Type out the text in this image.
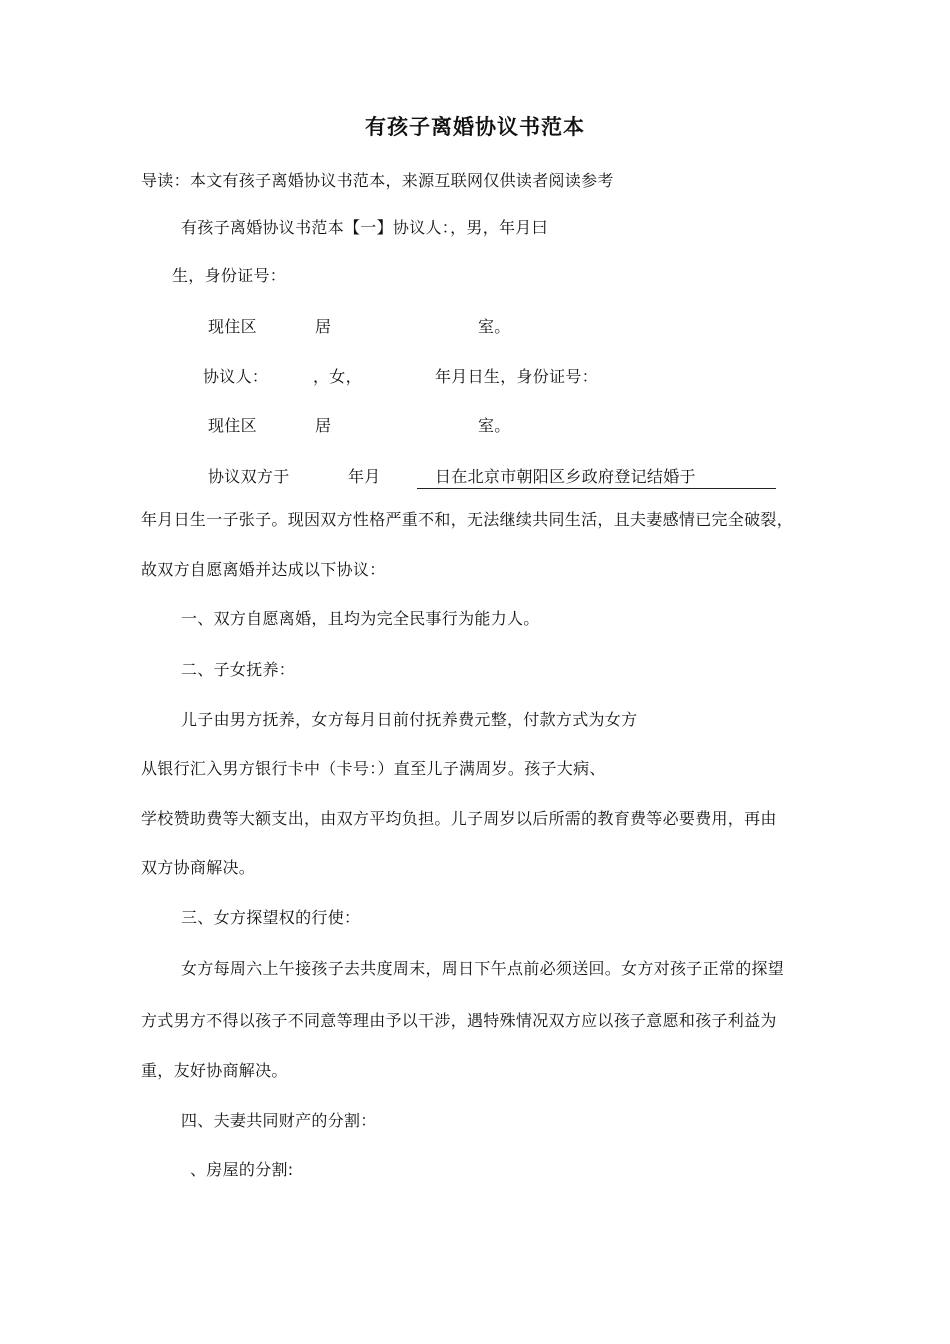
有孩子离婚协议书范本
导读：本文有孩子离婚协议书范本，来源互联网仅供读者阅读参考
有孩子离婚协议书范本【一】协议人：，男，年月曰
生，身份证号：
现住区	居	室。
协议人：	，女，	年月日生，身份证号：
现住区	居	室。
协议双方于	年月	日在北京市朝阳区乡政府登记结婚于
年月日生一子张子。现因双方性格严重不和，无法继续共同生活，且夫妻感情已完全破裂，
故双方自愿离婚并达成以下协议：
一、双方自愿离婚，且均为完全民事行为能力人。
二、子女抚养：
儿子由男方抚养，女方每月日前付抚养费元整，付款方式为女方
从银行汇入男方银行卡中（卡号：）直至儿子满周岁。孩子大病、
学校赞助费等大额支出，由双方平均负担。儿子周岁以后所需的教育费等必要费用，再由
双方协商解决。
三、女方探望权的行使：
女方每周六上午接孩子去共度周末，周日下午点前必须送回。女方对孩子正常的探望
方式男方不得以孩子不同意等理由予以干涉，遇特殊情况双方应以孩子意愿和孩子利益为
重，友好协商解决。
四、夫妻共同财产的分割：
、房屋的分割:
